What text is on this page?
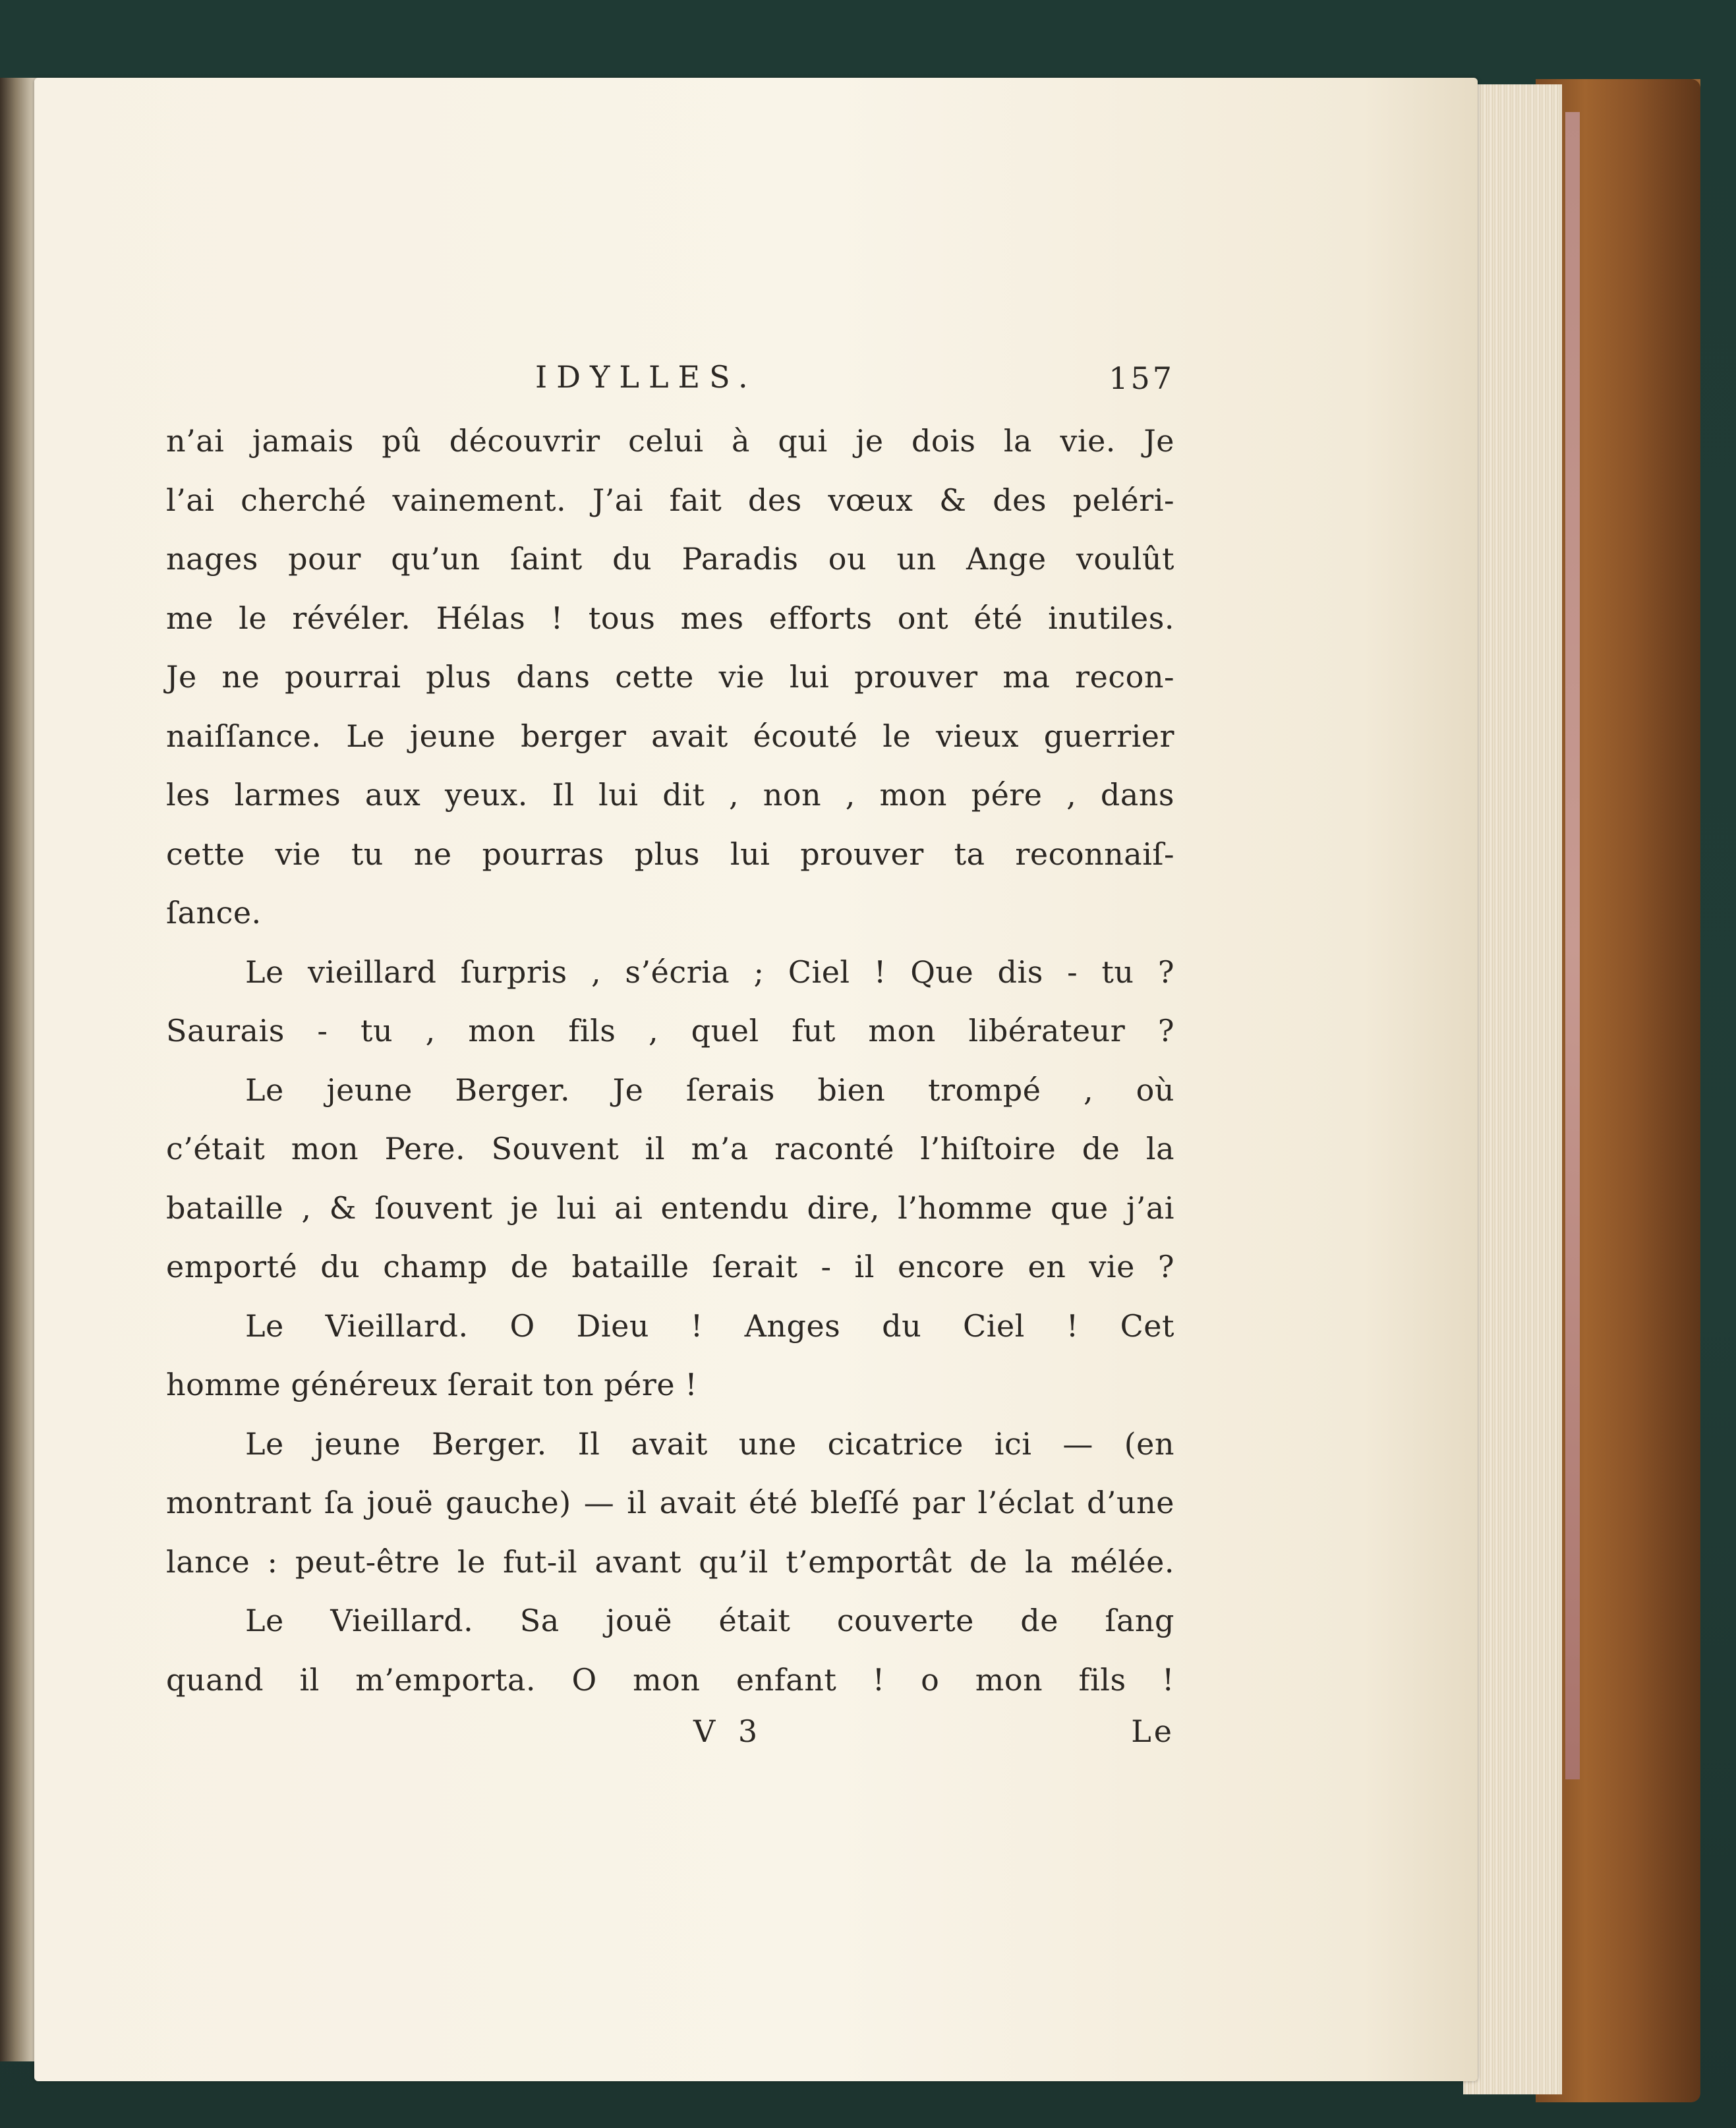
IDYLLES.	157
n’ai jamais pû découvrir celui à qui je dois la vie. Je
l’ai cherché vainement. J’ai fait des vœux & des peléri-
nages pour qu’un ſaint du Paradis ou un Ange voulût
me le révéler. Hélas ! tous mes efforts ont été inutiles.
Je ne pourrai plus dans cette vie lui prouver ma recon-
naiſſance. Le jeune berger avait écouté le vieux guerrier
les larmes aux yeux. Il lui dit , non , mon pére , dans
cette vie tu ne pourras plus lui prouver ta reconnaiſ-
ſance.
Le vieillard ſurpris , s’écria ; Ciel ! Que dis - tu ?
Saurais - tu , mon fils , quel fut mon libérateur ?
Le jeune Berger. Je ſerais bien trompé , où
c’était mon Pere. Souvent il m’a raconté l’hiſtoire de la
bataille , & ſouvent je lui ai entendu dire, l’homme que j’ai
emporté du champ de bataille ſerait - il encore en vie ?
Le Vieillard. O Dieu ! Anges du Ciel ! Cet
homme généreux ſerait ton pére !
Le jeune Berger. Il avait une cicatrice ici — (en
montrant ſa jouë gauche) — il avait été bleſſé par l’éclat d’une
lance : peut-être le fut-il avant qu’il t’emportât de la mélée.
Le Vieillard. Sa jouë était couverte de ſang
quand il m’emporta. O mon enfant ! o mon fils !
V 3	Le
